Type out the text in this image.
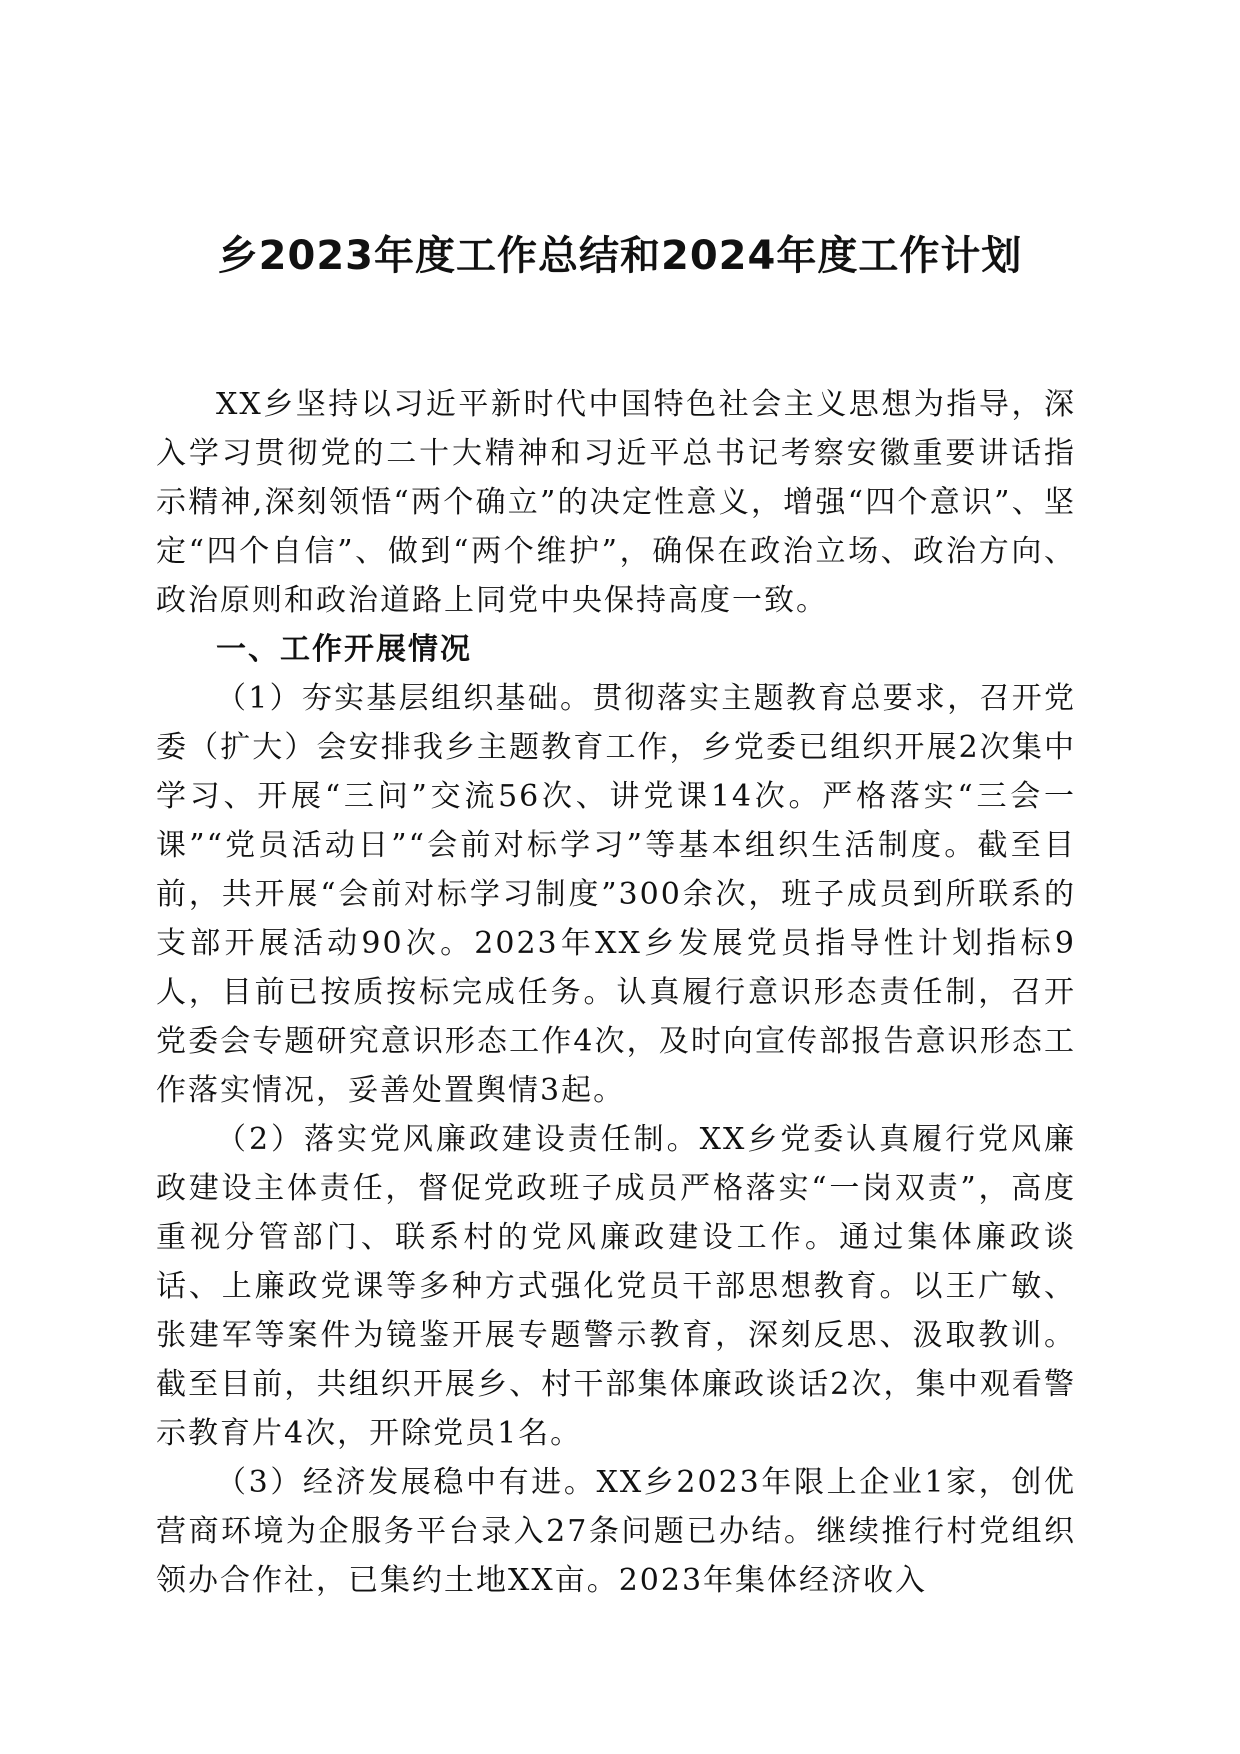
乡2023年度工作总结和2024年度工作计划

XX乡坚持以习近平新时代中国特色社会主义思想为指导，深入学习贯彻党的二十大精神和习近平总书记考察安徽重要讲话指示精神,深刻领悟“两个确立”的决定性意义，增强“四个意识”、坚定“四个自信”、做到“两个维护”，确保在政治立场、政治方向、政治原则和政治道路上同党中央保持高度一致。

一、工作开展情况

（1）夯实基层组织基础。贯彻落实主题教育总要求，召开党委（扩大）会安排我乡主题教育工作，乡党委已组织开展2次集中学习、开展“三问”交流56次、讲党课14次。严格落实“三会一课”“党员活动日”“会前对标学习”等基本组织生活制度。截至目前，共开展“会前对标学习制度”300余次，班子成员到所联系的支部开展活动90次。2023年XX乡发展党员指导性计划指标9人，目前已按质按标完成任务。认真履行意识形态责任制，召开党委会专题研究意识形态工作4次，及时向宣传部报告意识形态工作落实情况，妥善处置舆情3起。

（2）落实党风廉政建设责任制。XX乡党委认真履行党风廉政建设主体责任，督促党政班子成员严格落实“一岗双责”，高度重视分管部门、联系村的党风廉政建设工作。通过集体廉政谈话、上廉政党课等多种方式强化党员干部思想教育。以王广敏、张建军等案件为镜鉴开展专题警示教育，深刻反思、汲取教训。截至目前，共组织开展乡、村干部集体廉政谈话2次，集中观看警示教育片4次，开除党员1名。

（3）经济发展稳中有进。XX乡2023年限上企业1家，创优营商环境为企服务平台录入27条问题已办结。继续推行村党组织领办合作社，已集约土地XX亩。2023年集体经济收入
